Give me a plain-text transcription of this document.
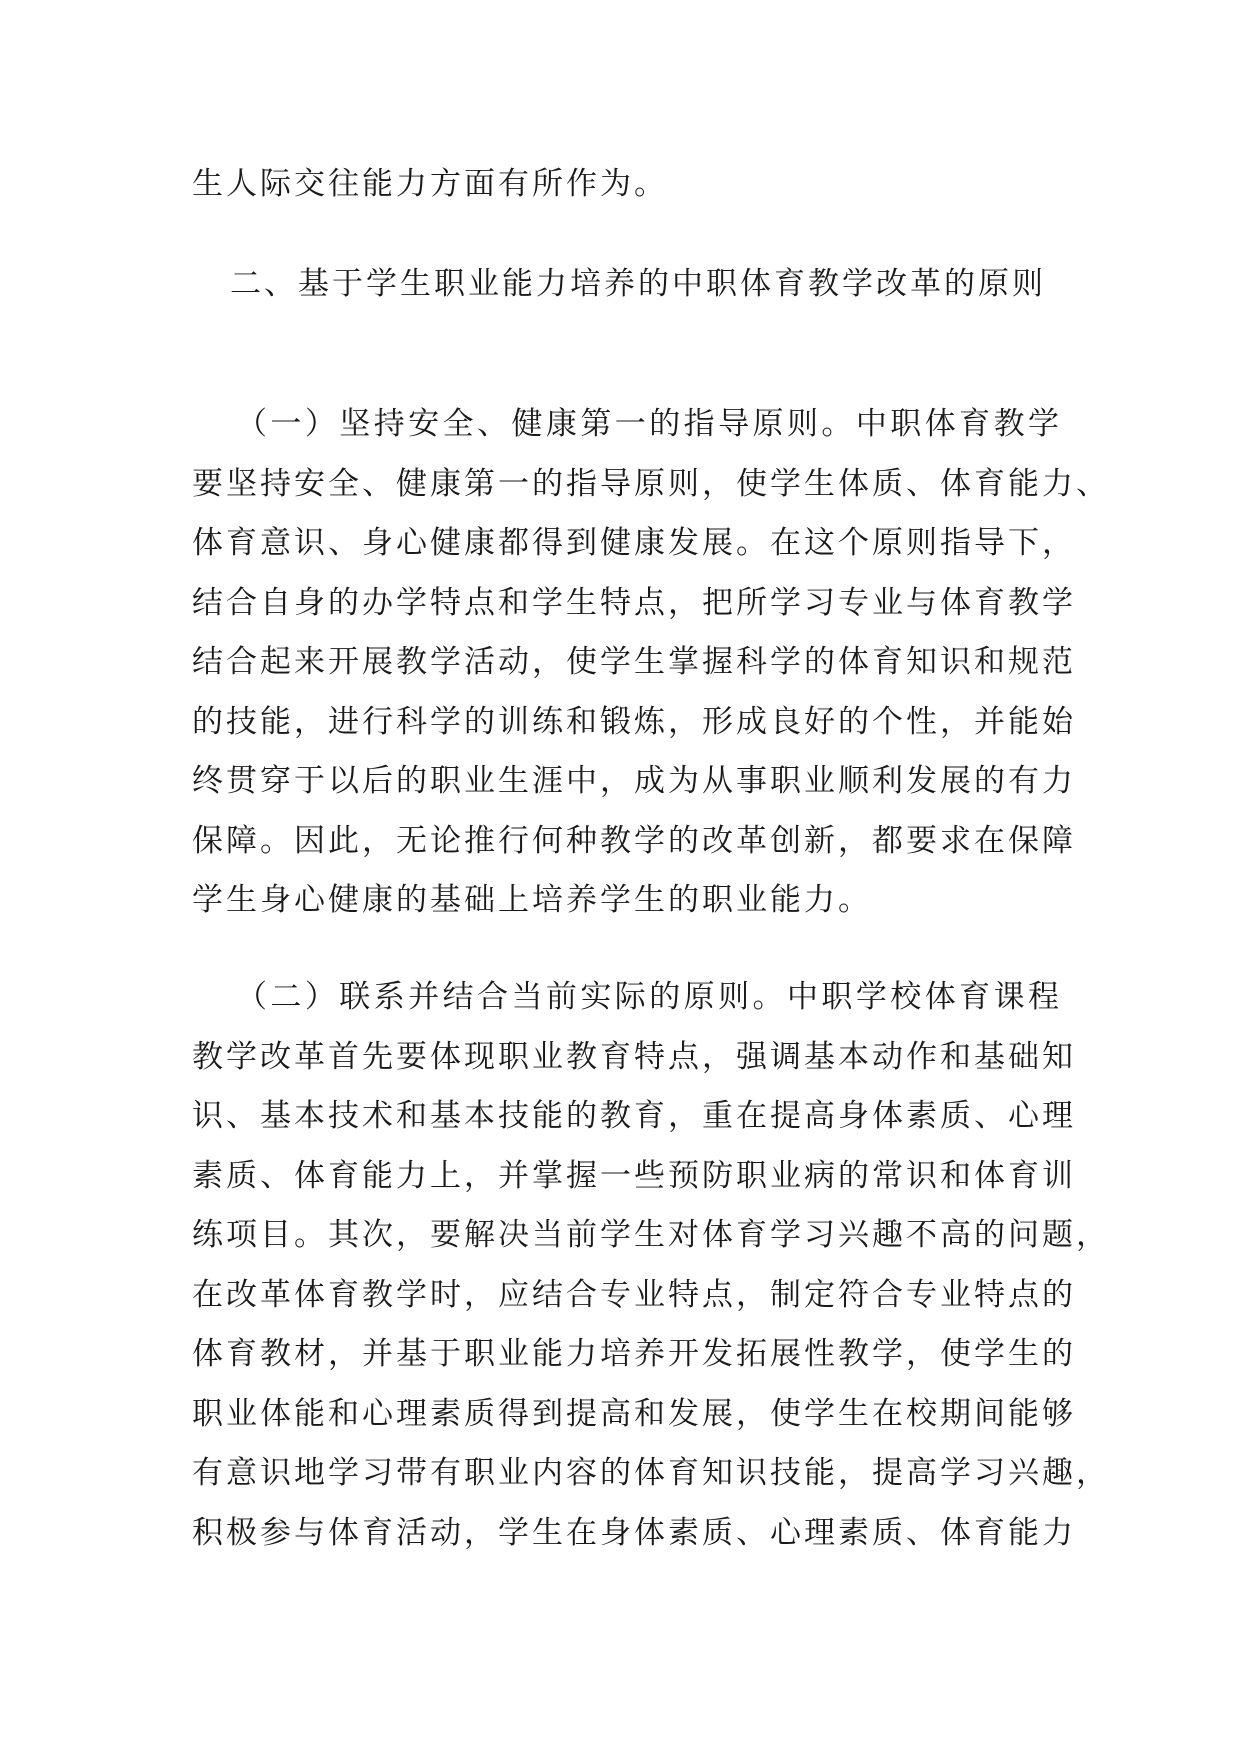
生人际交往能力方面有所作为。
二、基于学生职业能力培养的中职体育教学改革的原则
（一）坚持安全、健康第一的指导原则。中职体育教学
要坚持安全、健康第一的指导原则，使学生体质、体育能力、
体育意识、身心健康都得到健康发展。在这个原则指导下，
结合自身的办学特点和学生特点，把所学习专业与体育教学
结合起来开展教学活动，使学生掌握科学的体育知识和规范
的技能，进行科学的训练和锻炼，形成良好的个性，并能始
终贯穿于以后的职业生涯中，成为从事职业顺利发展的有力
保障。因此，无论推行何种教学的改革创新，都要求在保障
学生身心健康的基础上培养学生的职业能力。
（二）联系并结合当前实际的原则。中职学校体育课程
教学改革首先要体现职业教育特点，强调基本动作和基础知
识、基本技术和基本技能的教育，重在提高身体素质、心理
素质、体育能力上，并掌握一些预防职业病的常识和体育训
练项目。其次，要解决当前学生对体育学习兴趣不高的问题，
在改革体育教学时，应结合专业特点，制定符合专业特点的
体育教材，并基于职业能力培养开发拓展性教学，使学生的
职业体能和心理素质得到提高和发展，使学生在校期间能够
有意识地学习带有职业内容的体育知识技能，提高学习兴趣，
积极参与体育活动，学生在身体素质、心理素质、体育能力
